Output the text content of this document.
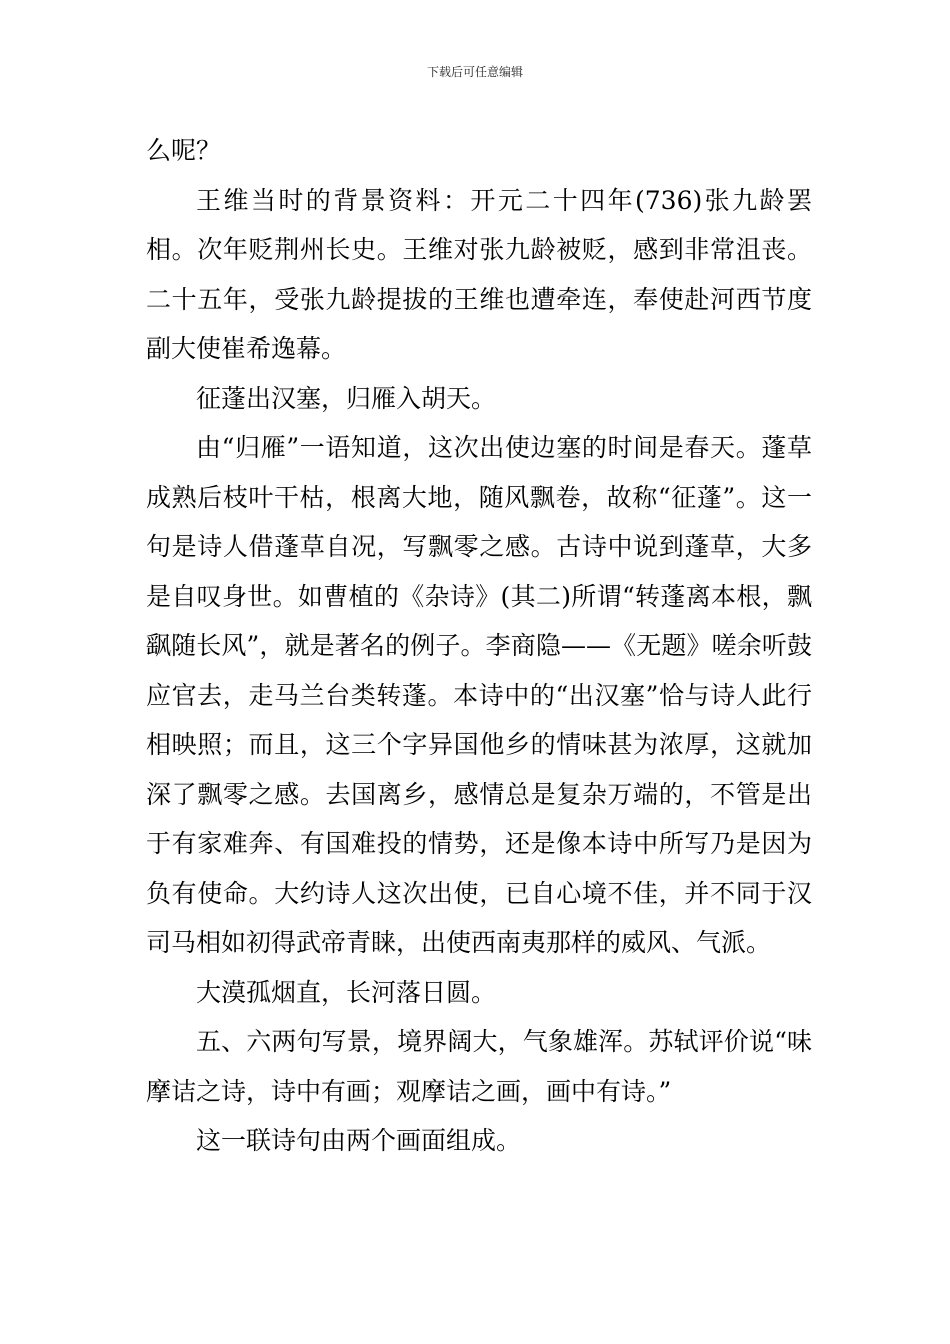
下载后可任意编辑

么呢？

王维当时的背景资料：开元二十四年(736)张九龄罢相。次年贬荆州长史。王维对张九龄被贬，感到非常沮丧。二十五年，受张九龄提拔的王维也遭牵连，奉使赴河西节度副大使崔希逸幕。

征蓬出汉塞，归雁入胡天。

由“归雁”一语知道，这次出使边塞的时间是春天。蓬草成熟后枝叶干枯，根离大地，随风飘卷，故称“征蓬”。这一句是诗人借蓬草自况，写飘零之感。古诗中说到蓬草，大多是自叹身世。如曹植的《杂诗》(其二)所谓“转蓬离本根，飘飖随长风”，就是著名的例子。李商隐——《无题》嗟余听鼓应官去，走马兰台类转蓬。本诗中的“出汉塞”恰与诗人此行相映照；而且，这三个字异国他乡的情味甚为浓厚，这就加深了飘零之感。去国离乡，感情总是复杂万端的，不管是出于有家难奔、有国难投的情势，还是像本诗中所写乃是因为负有使命。大约诗人这次出使，已自心境不佳，并不同于汉司马相如初得武帝青睐，出使西南夷那样的威风、气派。

大漠孤烟直，长河落日圆。

五、六两句写景，境界阔大，气象雄浑。苏轼评价说“味摩诘之诗，诗中有画；观摩诘之画，画中有诗。”

这一联诗句由两个画面组成。
